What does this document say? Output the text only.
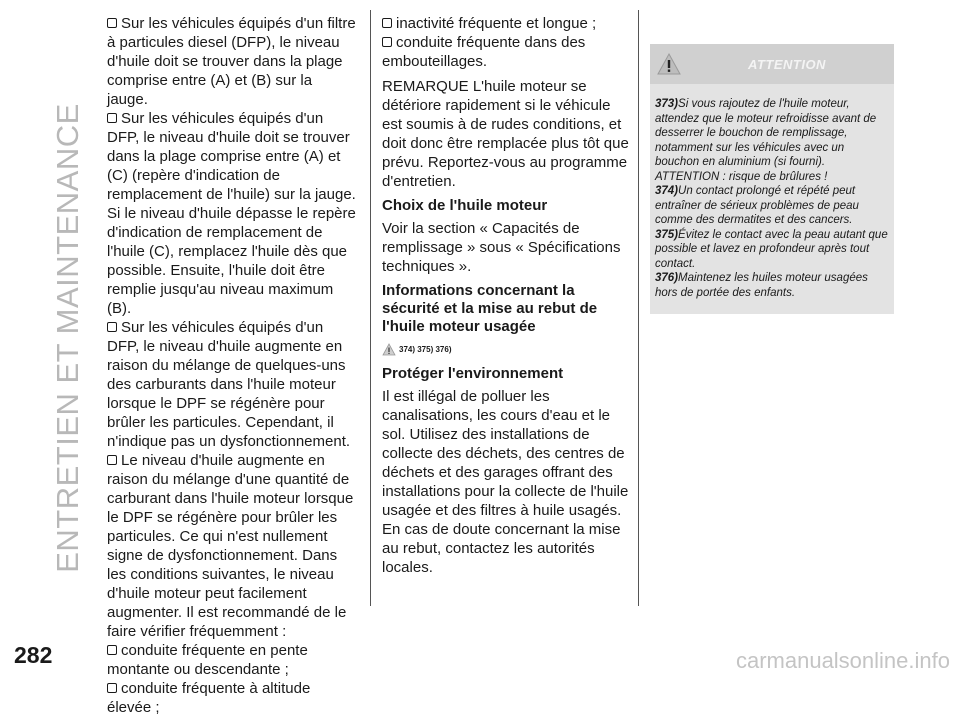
ENTRETIEN ET MAINTENANCE

Sur les véhicules équipés d'un filtre à particules diesel (DFP), le niveau d'huile doit se trouver dans la plage comprise entre (A) et (B) sur la jauge.

Sur les véhicules équipés d'un DFP, le niveau d'huile doit se trouver dans la plage comprise entre (A) et (C) (repère d'indication de remplacement de l'huile) sur la jauge. Si le niveau d'huile dépasse le repère d'indication de remplacement de l'huile (C), remplacez l'huile dès que possible. Ensuite, l'huile doit être remplie jusqu'au niveau maximum (B).

Sur les véhicules équipés d'un DFP, le niveau d'huile augmente en raison du mélange de quelques-uns des carburants dans l'huile moteur lorsque le DPF se régénère pour brûler les particules. Cependant, il n'indique pas un dysfonctionnement.

Le niveau d'huile augmente en raison du mélange d'une quantité de carburant dans l'huile moteur lorsque le DPF se régénère pour brûler les particules. Ce qui n'est nullement signe de dysfonctionnement. Dans les conditions suivantes, le niveau d'huile moteur peut facilement augmenter. Il est recommandé de le faire vérifier fréquemment :

conduite fréquente en pente montante ou descendante ;

conduite fréquente à altitude élevée ;

inactivité fréquente et longue ;

conduite fréquente dans des embouteillages.

REMARQUE L'huile moteur se détériore rapidement si le véhicule est soumis à de rudes conditions, et doit donc être remplacée plus tôt que prévu. Reportez-vous au programme d'entretien.

Choix de l'huile moteur

Voir la section « Capacités de remplissage » sous « Spécifications techniques ».

Informations concernant la sécurité et la mise au rebut de l'huile moteur usagée
374) 375) 376)
Protéger l'environnement

Il est illégal de polluer les canalisations, les cours d'eau et le sol. Utilisez des installations de collecte des déchets, des centres de déchets et des garages offrant des installations pour la collecte de l'huile usagée et des filtres à huile usagés. En cas de doute concernant la mise au rebut, contactez les autorités locales.

ATTENTION
373)Si vous rajoutez de l'huile moteur, attendez que le moteur refroidisse avant de desserrer le bouchon de remplissage, notamment sur les véhicules avec un bouchon en aluminium (si fourni). ATTENTION : risque de brûlures !
374)Un contact prolongé et répété peut entraîner de sérieux problèmes de peau comme des dermatites et des cancers.
375)Évitez le contact avec la peau autant que possible et lavez en profondeur après tout contact.
376)Maintenez les huiles moteur usagées hors de portée des enfants.
282	carmanualsonline.info
